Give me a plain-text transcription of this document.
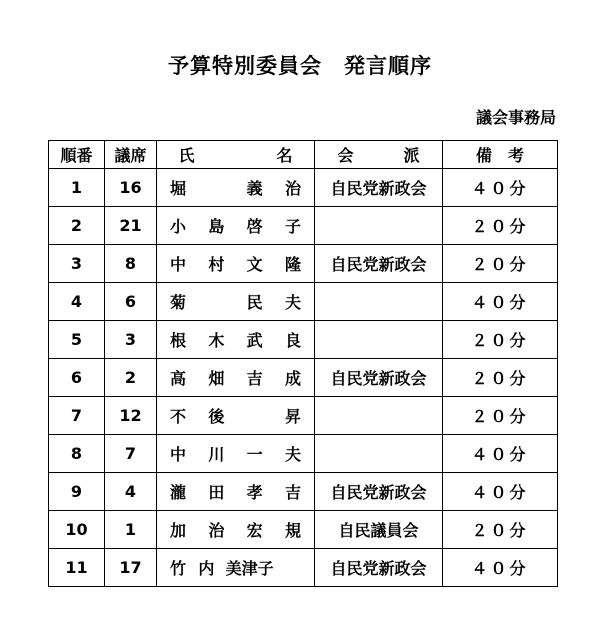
予算特別委員会　発言順序
議会事務局
順番	議席	氏 名	会 派	備 考
1	16	堀 義 治	自民党新政会	４０分
2	21	小 島 啓 子		２０分
3	8	中 村 文 隆	自民党新政会	２０分
4	6	菊 民 夫		４０分
5	3	根 木 武 良		２０分
6	2	高 畑 吉 成	自民党新政会	２０分
7	12	不 後 昇		２０分
8	7	中 川 一 夫		４０分
9	4	瀧 田 孝 吉	自民党新政会	４０分
10	1	加 治 宏 規	自民議員会	２０分
11	17	竹 内 美津子	自民党新政会	４０分
